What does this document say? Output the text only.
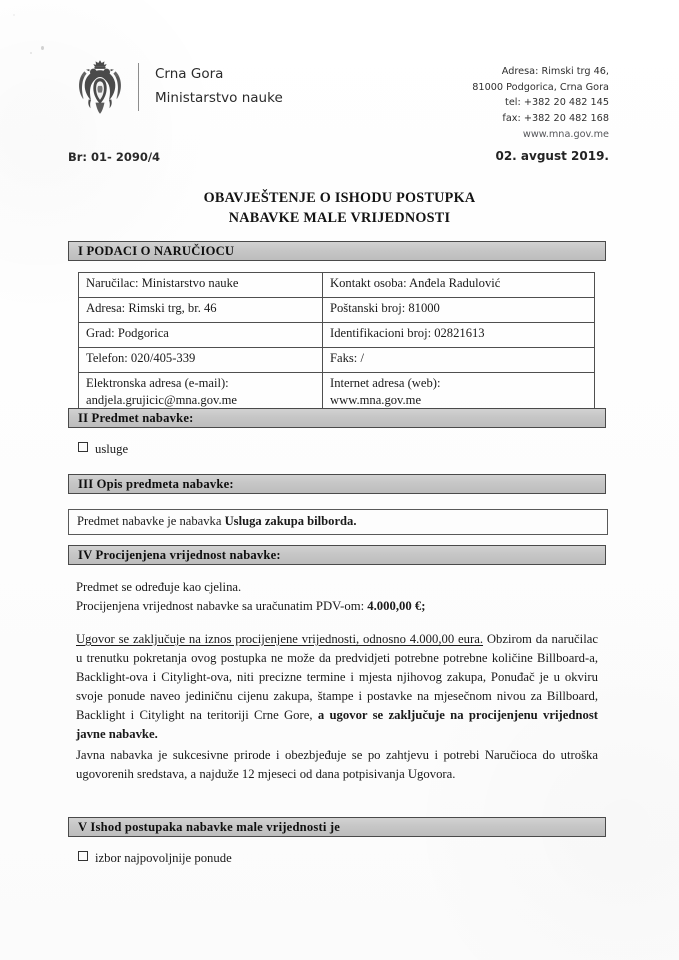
Crna Gora
Ministarstvo nauke
Adresa: Rimski trg 46,
81000 Podgorica, Crna Gora
tel: +382 20 482 145
fax: +382 20 482 168
www.mna.gov.me
Br: 01- 2090/4	02. avgust 2019.
OBAVJEŠTENJE O ISHODU POSTUPKA
NABAVKE MALE VRIJEDNOSTI
I PODACI O NARUČIOCU
Naručilac: Ministarstvo nauke	Kontakt osoba: Anđela Radulović
Adresa: Rimski trg, br. 46	Poštanski broj: 81000
Grad: Podgorica	Identifikacioni broj: 02821613
Telefon: 020/405-339	Faks: /

Elektronska adresa (e-mail):
andjela.grujicic@mna.gov.me

Internet adresa (web):
www.mna.gov.me
II Predmet nabavke:
usluge
III Opis predmeta nabavke:
Predmet nabavke je nabavka Usluga zakupa bilborda.
IV Procijenjena vrijednost nabavke:
Predmet se određuje kao cjelina.
Procijenjena vrijednost nabavke sa uračunatim PDV-om: 4.000,00 €;
Ugovor se zaključuje na iznos procijenjene vrijednosti, odnosno 4.000,00 eura. Obzirom da naručilac u trenutku pokretanja ovog postupka ne može da predvidjeti potrebne potrebne količine Billboard-a, Backlight-ova i Citylight-ova, niti precizne termine i mjesta njihovog zakupa, Ponuđač je u okviru svoje ponude naveo jediničnu cijenu zakupa, štampe i postavke na mjesečnom nivou za Billboard, Backlight i Citylight na teritoriji Crne Gore, a ugovor se zaključuje na procijenjenu vrijednost javne nabavke.
Javna nabavka je sukcesivne prirode i obezbjeđuje se po zahtjevu i potrebi Naručioca do utroška ugovorenih sredstava, a najduže 12 mjeseci od dana potpisivanja Ugovora.
V Ishod postupaka nabavke male vrijednosti je
izbor najpovoljnije ponude
